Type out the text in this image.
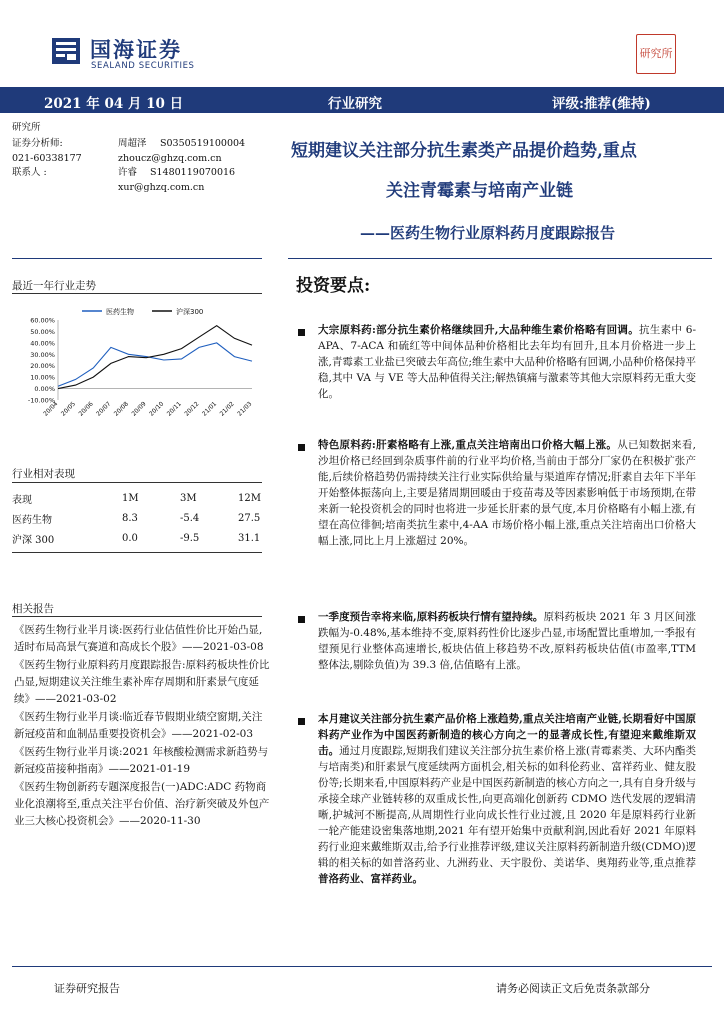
国海证券
SEALAND SECURITIES
研究所
2021 年 04 月 10 日	行业研究	评级:推荐(维持)
研究所
证券分析师:	周超泽 S0350519100004
021-60338177	zhoucz@ghzq.com.cn
联系人 :	许睿 S1480119070016
xur@ghzq.com.cn
短期建议关注部分抗生素类产品提价趋势,重点
关注青霉素与培南产业链
——医药生物行业原料药月度跟踪报告
最近一年行业走势
医药生物	沪深300
60.00%
50.00%
40.00%
30.00%
20.00%
10.00%
0.00%
-10.00%
20/04 20/05 20/06 20/07 20/08 20/09 20/10 20/11 20/12 21/01 21/02 21/03
行业相对表现
表现	1M	3M	12M
医药生物	8.3	-5.4	27.5
沪深 300	0.0	-9.5	31.1
相关报告
《医药生物行业半月谈:医药行业估值性价比开始凸显,适时布局高景气赛道和高成长个股》——2021-03-08
《医药生物行业原料药月度跟踪报告:原料药板块性价比凸显,短期建议关注维生素补库存周期和肝素景气度延续》——2021-03-02
《医药生物行业半月谈:临近春节假期业绩空窗期,关注新冠疫苗和血制品重要投资机会》——2021-02-03
《医药生物行业半月谈:2021 年核酸检测需求新趋势与新冠疫苗接种指南》——2021-01-19
《医药生物创新药专题深度报告(一)ADC:ADC 药物商业化浪潮将至,重点关注平台价值、治疗新突破及外包产业三大核心投资机会》——2020-11-30
投资要点:
大宗原料药:部分抗生素价格继续回升,大品种维生素价格略有回调。抗生素中 6-APA、7-ACA 和硫红等中间体品种价格相比去年均有回升,且本月价格进一步上涨,青霉素工业盐已突破去年高位;维生素中大品种价格略有回调,小品种价格保持平稳,其中 VA 与 VE 等大品种值得关注;解热镇痛与激素等其他大宗原料药无重大变化。
特色原料药:肝素格略有上涨,重点关注培南出口价格大幅上涨。从已知数据来看,沙坦价格已经回到杂质事件前的行业平均价格,当前由于部分厂家仍在积极扩张产能,后续价格趋势仍需持续关注行业实际供给量与渠道库存情况;肝素自去年下半年开始整体振荡向上,主要是猪周期回暖由于疫苗毒及等因素影响低于市场预期,在带来新一轮投资机会的同时也将进一步延长肝素的景气度,本月价格略有小幅上涨,有望在高位徘徊;培南类抗生素中,4-AA 市场价格小幅上涨,重点关注培南出口价格大幅上涨,同比上月上涨超过 20%。
一季度预告幸将来临,原料药板块行情有望持续。原料药板块 2021 年 3 月区间涨跌幅为-0.48%,基本维持不变,原料药性价比逐步凸显,市场配置比重增加,一季报有望预见行业整体高速增长,板块估值上移趋势不改,原料药板块估值(市盈率,TTM 整体法,剔除负值)为 39.3 倍,估值略有上涨。
本月建议关注部分抗生素产品价格上涨趋势,重点关注培南产业链,长期看好中国原料药产业作为中国医药新制造的核心方向之一的显著成长性,有望迎来戴维斯双击。通过月度跟踪,短期我们建议关注部分抗生素价格上涨(青霉素类、大环内酯类与培南类)和肝素景气度延续两方面机会,相关标的如科伦药业、富祥药业、健友股份等;长期来看,中国原料药产业是中国医药新制造的核心方向之一,具有自身升级与承接全球产业链转移的双重成长性,向更高端化创新药 CDMO 迭代发展的逻辑清晰,护城河不断提高,从周期性行业向成长性行业过渡,且 2020 年是原料药行业新一轮产能建设密集落地期,2021 年有望开始集中贡献利润,因此看好 2021 年原料药行业迎来戴维斯双击,给予行业推荐评级,建议关注原料药新制造升级(CDMO)逻辑的相关标的如普洛药业、九洲药业、天宇股份、美诺华、奥翔药业等,重点推荐普洛药业、富祥药业。
证券研究报告	请务必阅读正文后免责条款部分
